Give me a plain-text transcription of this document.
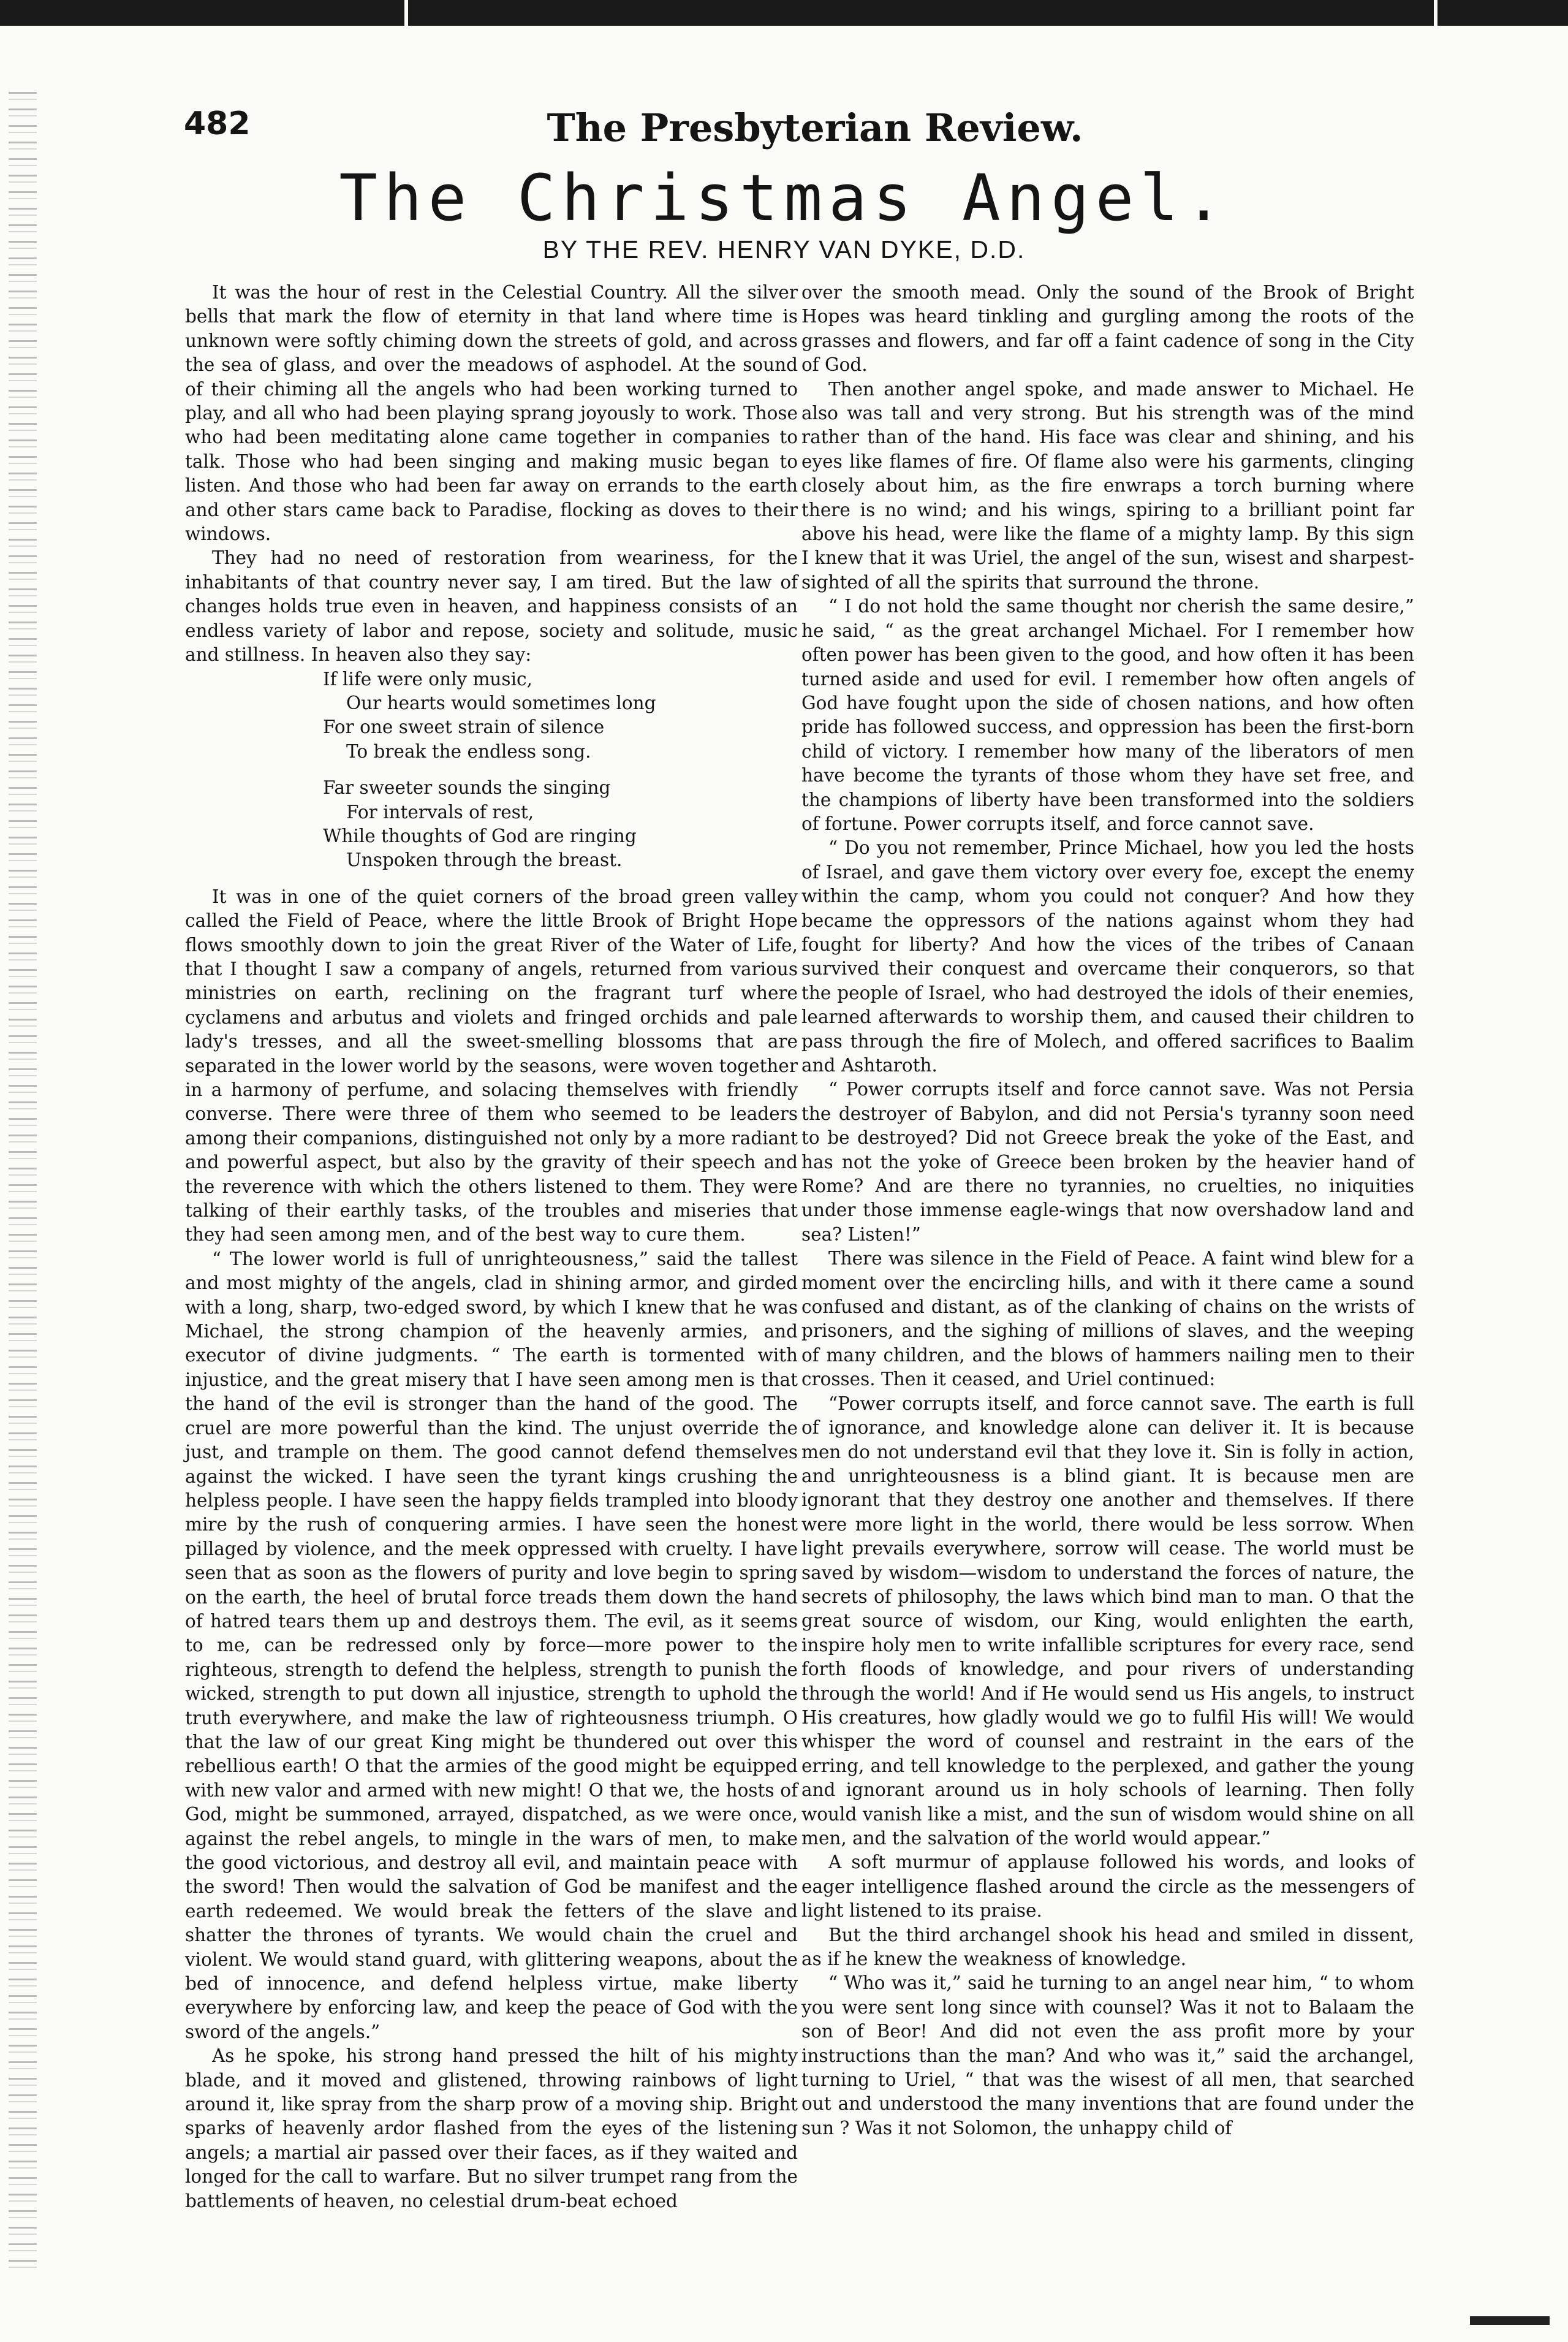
The Presbyterian Review.
482
The Christmas Angel.
BY THE REV. HENRY VAN DYKE, D.D.

It was the hour of rest in the Celestial Country. All the silver bells that mark the flow of eternity in that land where time is unknown were softly chiming down the streets of gold, and across the sea of glass, and over the meadows of asphodel. At the sound of their chiming all the angels who had been working turned to play, and all who had been playing sprang joyously to work. Those who had been meditating alone came together in companies to talk. Those who had been singing and making music began to listen. And those who had been far away on errands to the earth and other stars came back to Paradise, flocking as doves to their windows.

They had no need of restoration from weariness, for the inhabitants of that country never say, I am tired. But the law of changes holds true even in heaven, and happiness consists of an endless variety of labor and repose, society and solitude, music and stillness. In heaven also they say:

If life were only music,
Our hearts would sometimes long
For one sweet strain of silence
To break the endless song.
Far sweeter sounds the singing
For intervals of rest,
While thoughts of God are ringing
Unspoken through the breast.

It was in one of the quiet corners of the broad green valley called the Field of Peace, where the little Brook of Bright Hope flows smoothly down to join the great River of the Water of Life, that I thought I saw a company of angels, returned from various ministries on earth, reclining on the fragrant turf where cyclamens and arbutus and violets and fringed orchids and pale lady's tresses, and all the sweet-smelling blossoms that are separated in the lower world by the seasons, were woven together in a harmony of perfume, and solacing themselves with friendly converse. There were three of them who seemed to be leaders among their companions, distinguished not only by a more radiant and powerful aspect, but also by the gravity of their speech and the reverence with which the others listened to them. They were talking of their earthly tasks, of the troubles and miseries that they had seen among men, and of the best way to cure them.

“ The lower world is full of unrighteousness,” said the tallest and most mighty of the angels, clad in shining armor, and girded with a long, sharp, two-edged sword, by which I knew that he was Michael, the strong champion of the heavenly armies, and executor of divine judgments. “ The earth is tormented with injustice, and the great misery that I have seen among men is that the hand of the evil is stronger than the hand of the good. The cruel are more powerful than the kind. The unjust override the just, and trample on them. The good cannot defend themselves against the wicked. I have seen the tyrant kings crushing the helpless people. I have seen the happy fields trampled into bloody mire by the rush of conquering armies. I have seen the honest pillaged by violence, and the meek oppressed with cruelty. I have seen that as soon as the flowers of purity and love begin to spring on the earth, the heel of brutal force treads them down the hand of hatred tears them up and destroys them. The evil, as it seems to me, can be redressed only by force—more power to the righteous, strength to defend the helpless, strength to punish the wicked, strength to put down all injustice, strength to uphold the truth everywhere, and make the law of righteousness triumph. O that the law of our great King might be thundered out over this rebellious earth! O that the armies of the good might be equipped with new valor and armed with new might! O that we, the hosts of God, might be summoned, arrayed, dispatched, as we were once, against the rebel angels, to mingle in the wars of men, to make the good victorious, and destroy all evil, and maintain peace with the sword! Then would the salvation of God be manifest and the earth redeemed. We would break the fetters of the slave and shatter the thrones of tyrants. We would chain the cruel and violent. We would stand guard, with glittering weapons, about the bed of innocence, and defend helpless virtue, make liberty everywhere by enforcing law, and keep the peace of God with the sword of the angels.”

As he spoke, his strong hand pressed the hilt of his mighty blade, and it moved and glistened, throwing rainbows of light around it, like spray from the sharp prow of a moving ship. Bright sparks of heavenly ardor flashed from the eyes of the listening angels; a martial air passed over their faces, as if they waited and longed for the call to warfare. But no silver trumpet rang from the battlements of heaven, no celestial drum-beat echoed

over the smooth mead. Only the sound of the Brook of Bright Hopes was heard tinkling and gurgling among the roots of the grasses and flowers, and far off a faint cadence of song in the City of God.

Then another angel spoke, and made answer to Michael. He also was tall and very strong. But his strength was of the mind rather than of the hand. His face was clear and shining, and his eyes like flames of fire. Of flame also were his garments, clinging closely about him, as the fire enwraps a torch burning where there is no wind; and his wings, spiring to a brilliant point far above his head, were like the flame of a mighty lamp. By this sign I knew that it was Uriel, the angel of the sun, wisest and sharpest-sighted of all the spirits that surround the throne.

“ I do not hold the same thought nor cherish the same desire,” he said, “ as the great archangel Michael. For I remember how often power has been given to the good, and how often it has been turned aside and used for evil. I remember how often angels of God have fought upon the side of chosen nations, and how often pride has followed success, and oppression has been the first-born child of victory. I remember how many of the liberators of men have become the tyrants of those whom they have set free, and the champions of liberty have been transformed into the soldiers of fortune. Power corrupts itself, and force cannot save.

“ Do you not remember, Prince Michael, how you led the hosts of Israel, and gave them victory over every foe, except the enemy within the camp, whom you could not conquer? And how they became the oppressors of the nations against whom they had fought for liberty? And how the vices of the tribes of Canaan survived their conquest and overcame their conquerors, so that the people of Israel, who had destroyed the idols of their enemies, learned afterwards to worship them, and caused their children to pass through the fire of Molech, and offered sacrifices to Baalim and Ashtaroth.

“ Power corrupts itself and force cannot save. Was not Persia the destroyer of Babylon, and did not Persia's tyranny soon need to be destroyed? Did not Greece break the yoke of the East, and has not the yoke of Greece been broken by the heavier hand of Rome? And are there no tyrannies, no cruelties, no iniquities under those immense eagle-wings that now overshadow land and sea? Listen!”

There was silence in the Field of Peace. A faint wind blew for a moment over the encircling hills, and with it there came a sound confused and distant, as of the clanking of chains on the wrists of prisoners, and the sighing of millions of slaves, and the weeping of many children, and the blows of hammers nailing men to their crosses. Then it ceased, and Uriel continued:

“Power corrupts itself, and force cannot save. The earth is full of ignorance, and knowledge alone can deliver it. It is because men do not understand evil that they love it. Sin is folly in action, and unrighteousness is a blind giant. It is because men are ignorant that they destroy one another and themselves. If there were more light in the world, there would be less sorrow. When light prevails everywhere, sorrow will cease. The world must be saved by wisdom—wisdom to understand the forces of nature, the secrets of philosophy, the laws which bind man to man. O that the great source of wisdom, our King, would enlighten the earth, inspire holy men to write infallible scriptures for every race, send forth floods of knowledge, and pour rivers of understanding through the world! And if He would send us His angels, to instruct His creatures, how gladly would we go to fulfil His will! We would whisper the word of counsel and restraint in the ears of the erring, and tell knowledge to the perplexed, and gather the young and ignorant around us in holy schools of learning. Then folly would vanish like a mist, and the sun of wisdom would shine on all men, and the salvation of the world would appear.”

A soft murmur of applause followed his words, and looks of eager intelligence flashed around the circle as the messengers of light listened to its praise.

But the third archangel shook his head and smiled in dissent, as if he knew the weakness of knowledge.

“ Who was it,” said he turning to an angel near him, “ to whom you were sent long since with counsel? Was it not to Balaam the son of Beor! And did not even the ass profit more by your instructions than the man? And who was it,” said the archangel, turning to Uriel, “ that was the wisest of all men, that searched out and understood the many inventions that are found under the sun ? Was it not Solomon, the unhappy child of
